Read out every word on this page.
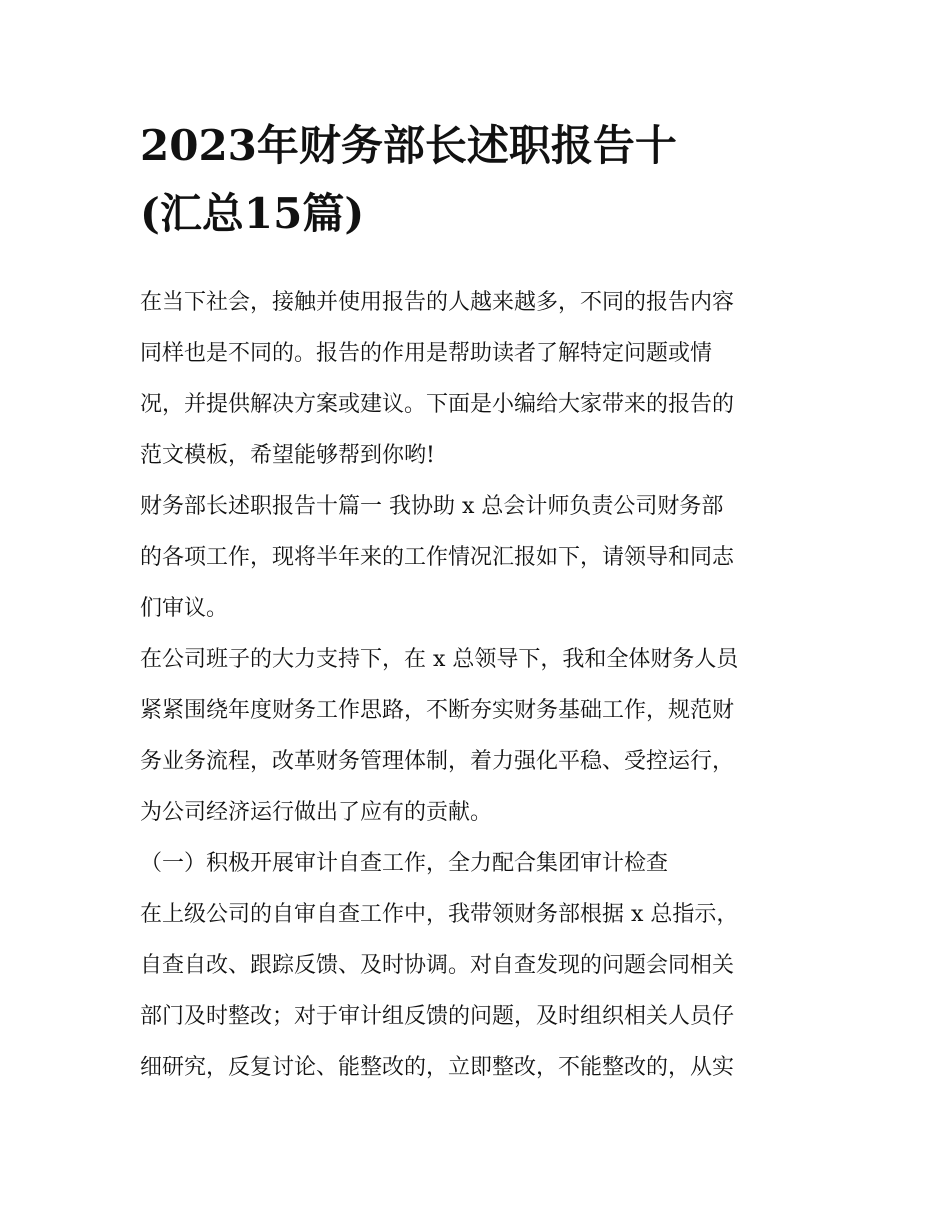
2023年财务部长述职报告十
(汇总15篇)
在当下社会，接触并使用报告的人越来越多，不同的报告内容
同样也是不同的。报告的作用是帮助读者了解特定问题或情
况，并提供解决方案或建议。下面是小编给大家带来的报告的
范文模板，希望能够帮到你哟!
财务部长述职报告十篇一 我协助 x 总会计师负责公司财务部
的各项工作，现将半年来的工作情况汇报如下，请领导和同志
们审议。
在公司班子的大力支持下，在 x 总领导下，我和全体财务人员
紧紧围绕年度财务工作思路，不断夯实财务基础工作，规范财
务业务流程，改革财务管理体制，着力强化平稳、受控运行，
为公司经济运行做出了应有的贡献。
（一）积极开展审计自查工作，全力配合集团审计检查
在上级公司的自审自查工作中，我带领财务部根据 x 总指示，
自查自改、跟踪反馈、及时协调。对自查发现的问题会同相关
部门及时整改；对于审计组反馈的问题，及时组织相关人员仔
细研究，反复讨论、能整改的，立即整改，不能整改的，从实
